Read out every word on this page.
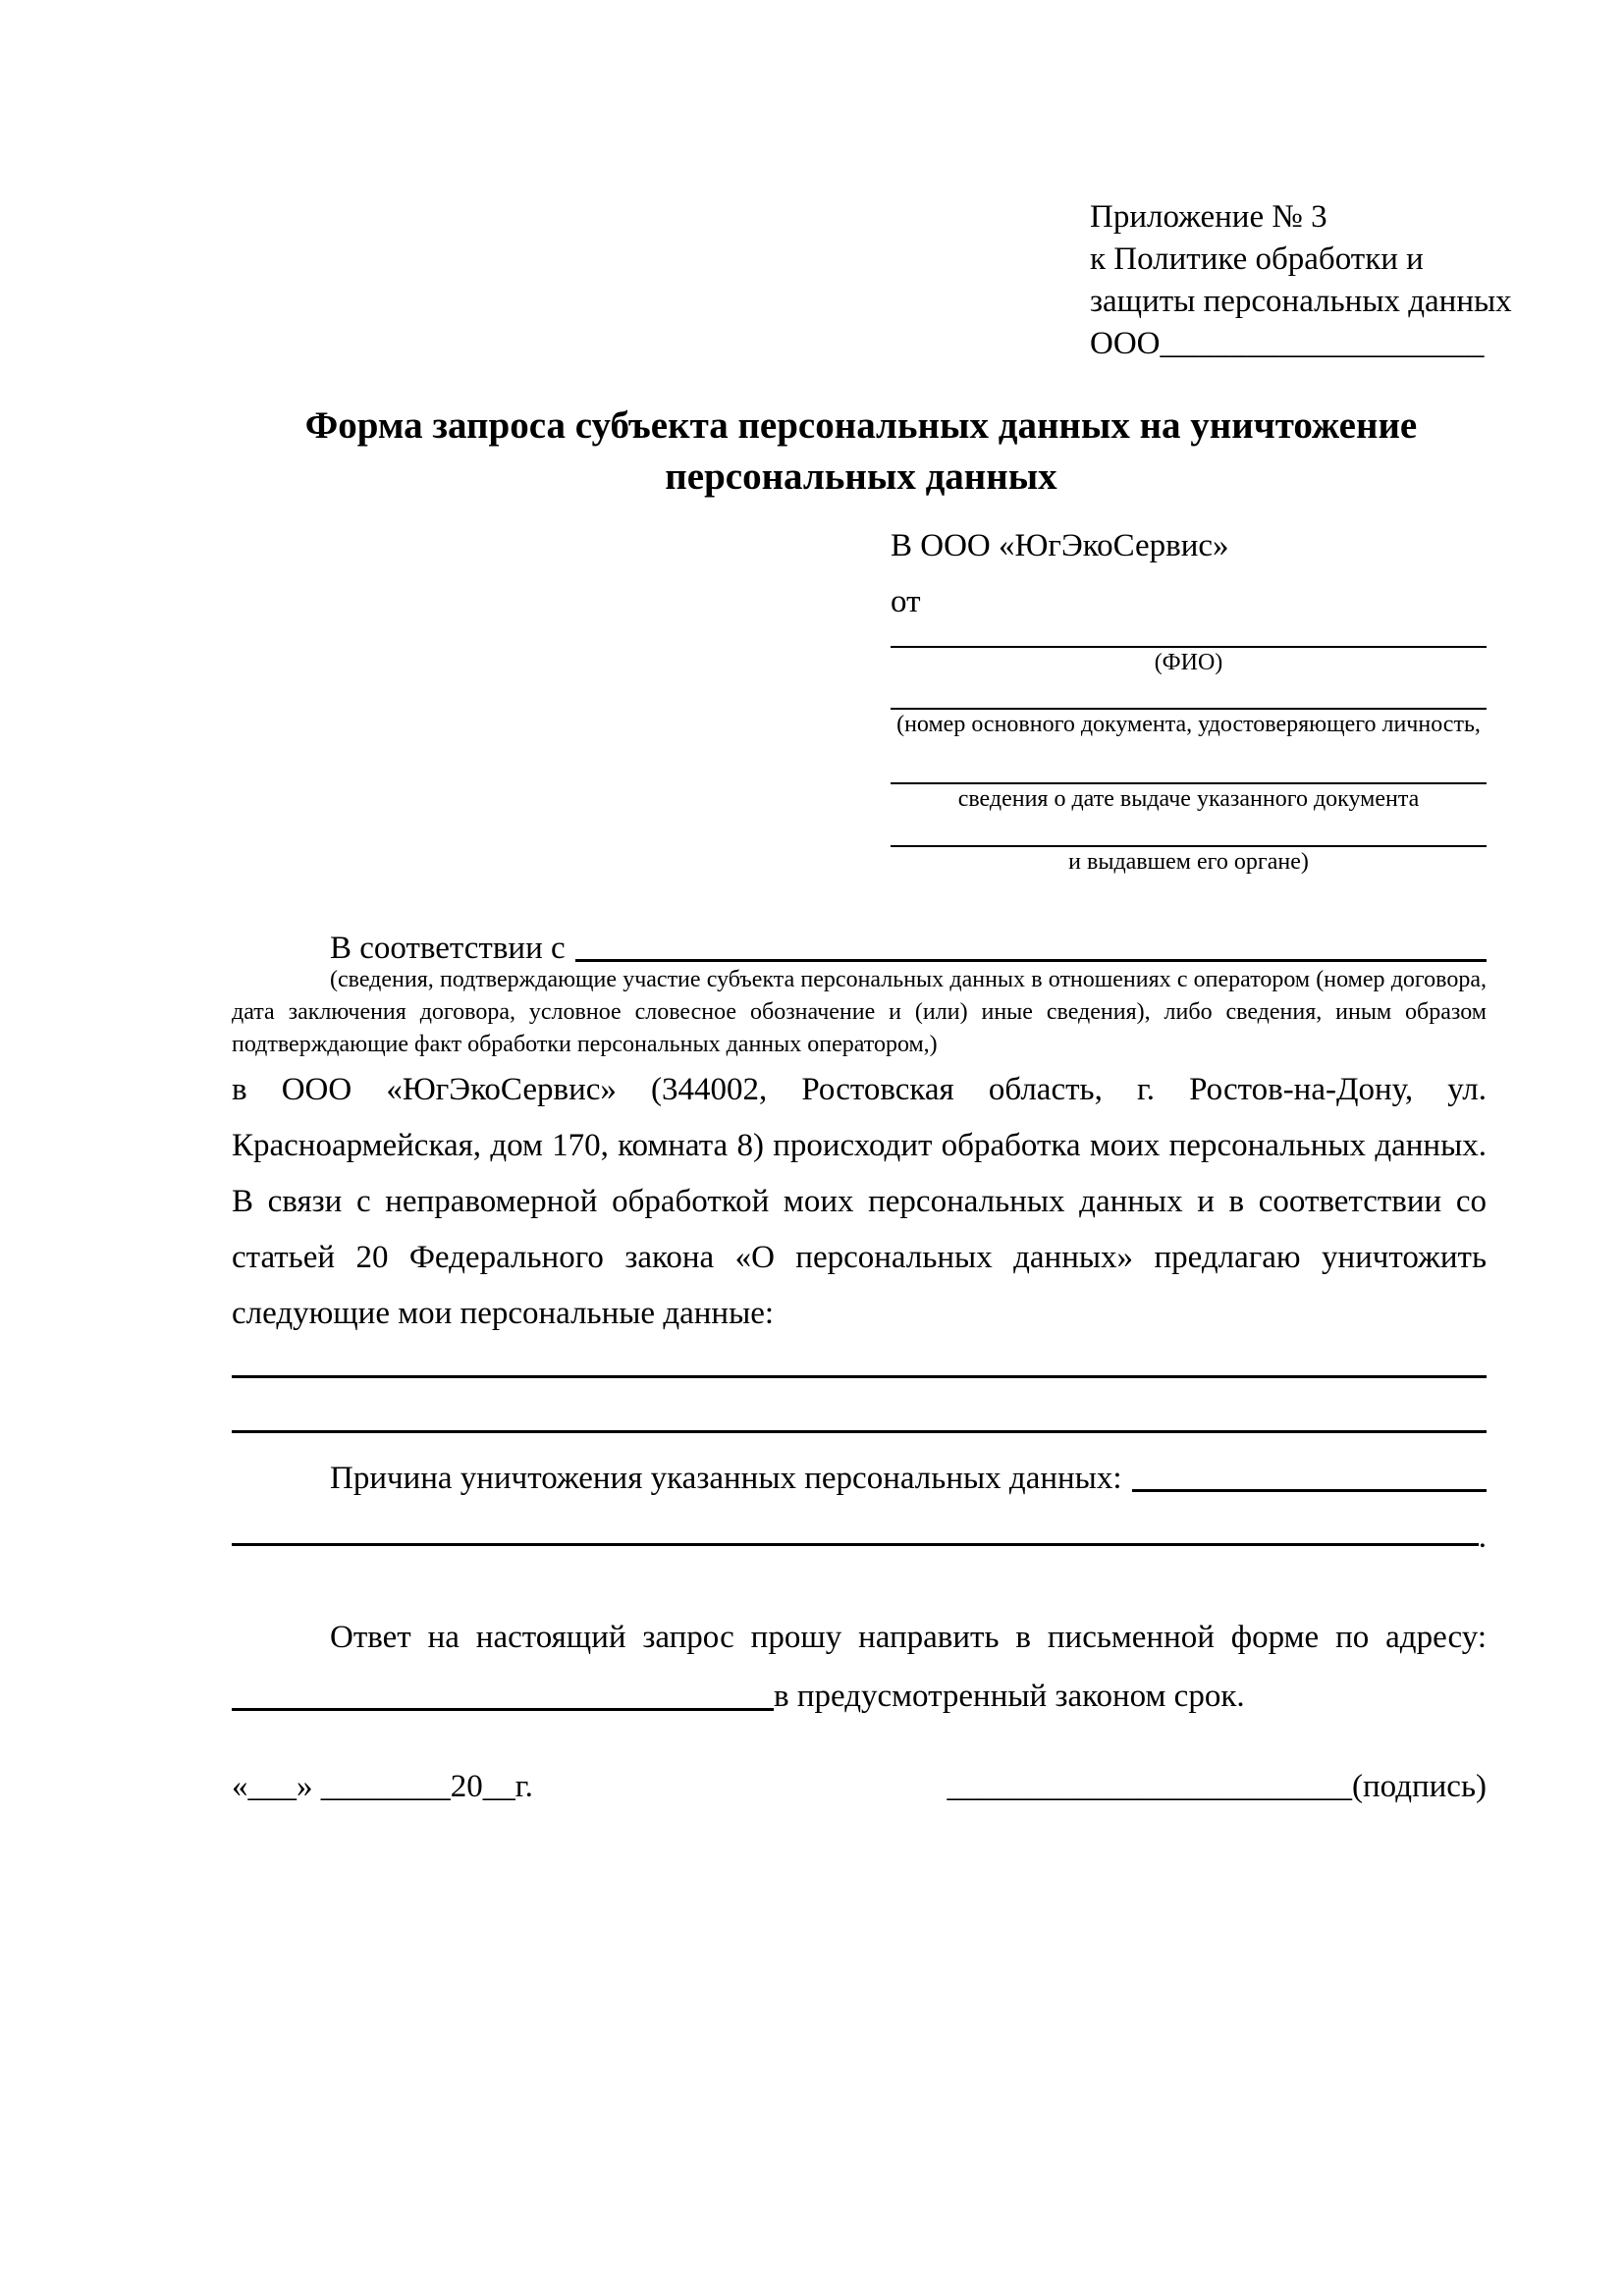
Приложение № 3
к Политике обработки и
защиты персональных данных
ООО____________________
Форма запроса субъекта персональных данных на уничтожение персональных данных
В ООО «ЮгЭкоСервис»
от
(ФИО)
(номер основного документа, удостоверяющего личность,
сведения о дате выдаче указанного документа
и выдавшем его органе)
В соответствии с
(сведения, подтверждающие участие субъекта персональных данных в отношениях с оператором (номер договора, дата заключения договора, условное словесное обозначение и (или) иные сведения), либо сведения, иным образом подтверждающие факт обработки персональных данных оператором,)
в ООО «ЮгЭкоСервис» (344002, Ростовская область, г. Ростов-на-Дону, ул. Красноармейская, дом 170, комната 8) происходит обработка моих персональных данных. В связи с неправомерной обработкой моих персональных данных и в соответствии со статьей 20 Федерального закона «О персональных данных» предлагаю уничтожить следующие мои персональные данные:
Причина уничтожения указанных персональных данных:
.
Ответ на настоящий запрос прошу направить в письменной форме по адресу:
в предусмотренный законом срок.
«___» ________20__г.	_________________________(подпись)
